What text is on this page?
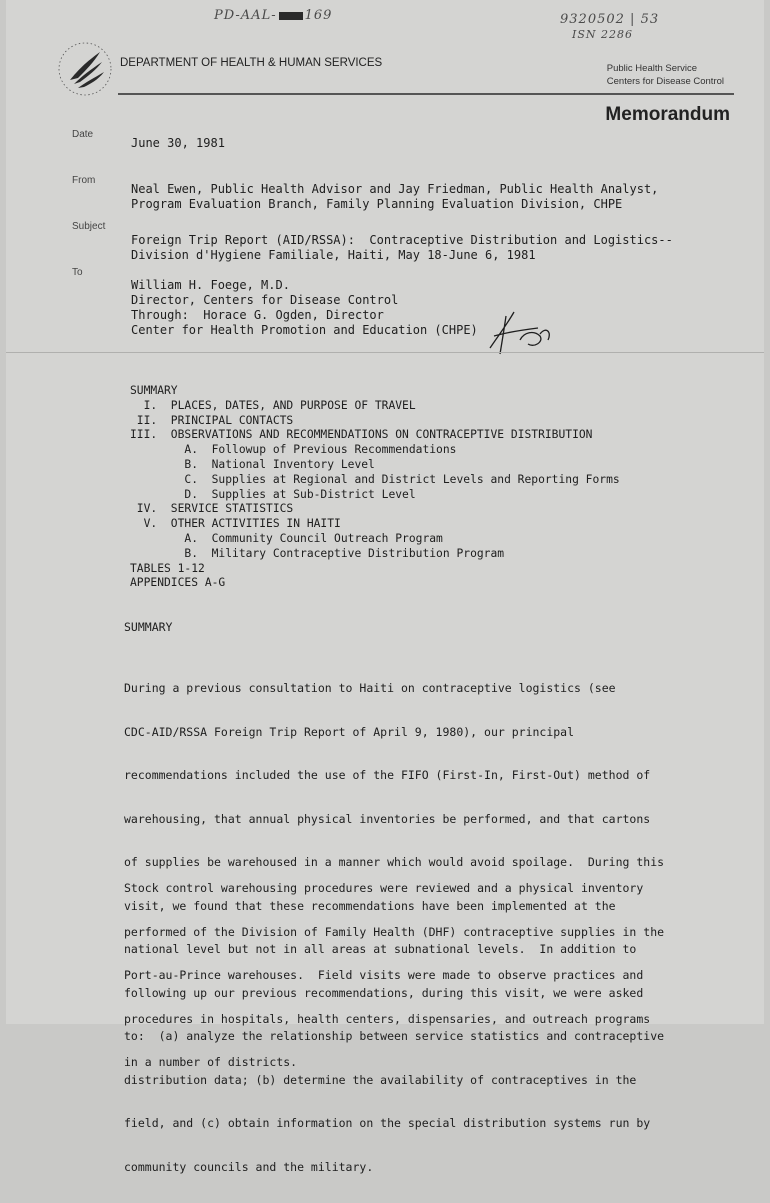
PD-AAL- 169	9320502 | 53
ISN 2286
DEPARTMENT OF HEALTH & HUMAN SERVICES	Public Health Service
Centers for Disease Control
Memorandum
Date
June 30, 1981
From
Neal Ewen, Public Health Advisor and Jay Friedman, Public Health Analyst,
Program Evaluation Branch, Family Planning Evaluation Division, CHPE
Subject
Foreign Trip Report (AID/RSSA):  Contraceptive Distribution and Logistics--
Division d'Hygiene Familiale, Haiti, May 18-June 6, 1981
To
William H. Foege, M.D.
Director, Centers for Disease Control
Through:  Horace G. Ogden, Director
Center for Health Promotion and Education (CHPE)
SUMMARY
I.  PLACES, DATES, AND PURPOSE OF TRAVEL
II.  PRINCIPAL CONTACTS
III.  OBSERVATIONS AND RECOMMENDATIONS ON CONTRACEPTIVE DISTRIBUTION
A.  Followup of Previous Recommendations
B.  National Inventory Level
C.  Supplies at Regional and District Levels and Reporting Forms
D.  Supplies at Sub-District Level
IV.  SERVICE STATISTICS
V.  OTHER ACTIVITIES IN HAITI
A.  Community Council Outreach Program
B.  Military Contraceptive Distribution Program
TABLES 1-12
APPENDICES A-G
SUMMARY

During a previous consultation to Haiti on contraceptive logistics (see

CDC-AID/RSSA Foreign Trip Report of April 9, 1980), our principal

recommendations included the use of the FIFO (First-In, First-Out) method of

warehousing, that annual physical inventories be performed, and that cartons

of supplies be warehoused in a manner which would avoid spoilage.  During this

visit, we found that these recommendations have been implemented at the

national level but not in all areas at subnational levels.  In addition to

following up our previous recommendations, during this visit, we were asked

to:  (a) analyze the relationship between service statistics and contraceptive

distribution data; (b) determine the availability of contraceptives in the

field, and (c) obtain information on the special distribution systems run by

community councils and the military.

Stock control warehousing procedures were reviewed and a physical inventory

performed of the Division of Family Health (DHF) contraceptive supplies in the

Port-au-Prince warehouses.  Field visits were made to observe practices and

procedures in hospitals, health centers, dispensaries, and outreach programs

in a number of districts.
